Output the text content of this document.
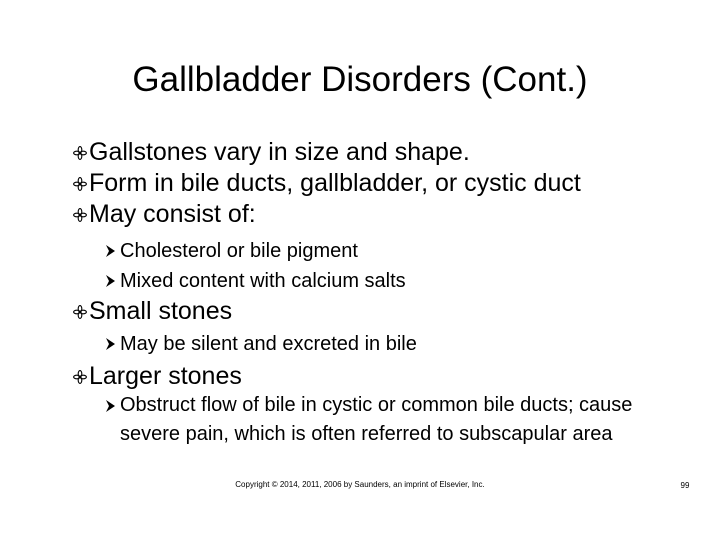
Gallbladder Disorders (Cont.)
Gallstones vary in size and shape.
Form in bile ducts, gallbladder, or cystic duct
May consist of:
Cholesterol or bile pigment
Mixed content with calcium salts
Small stones
May be silent and excreted in bile
Larger stones
Obstruct flow of bile in cystic or common bile ducts; cause severe pain, which is often referred to subscapular area
Copyright © 2014, 2011, 2006 by Saunders, an imprint of Elsevier, Inc.	99
